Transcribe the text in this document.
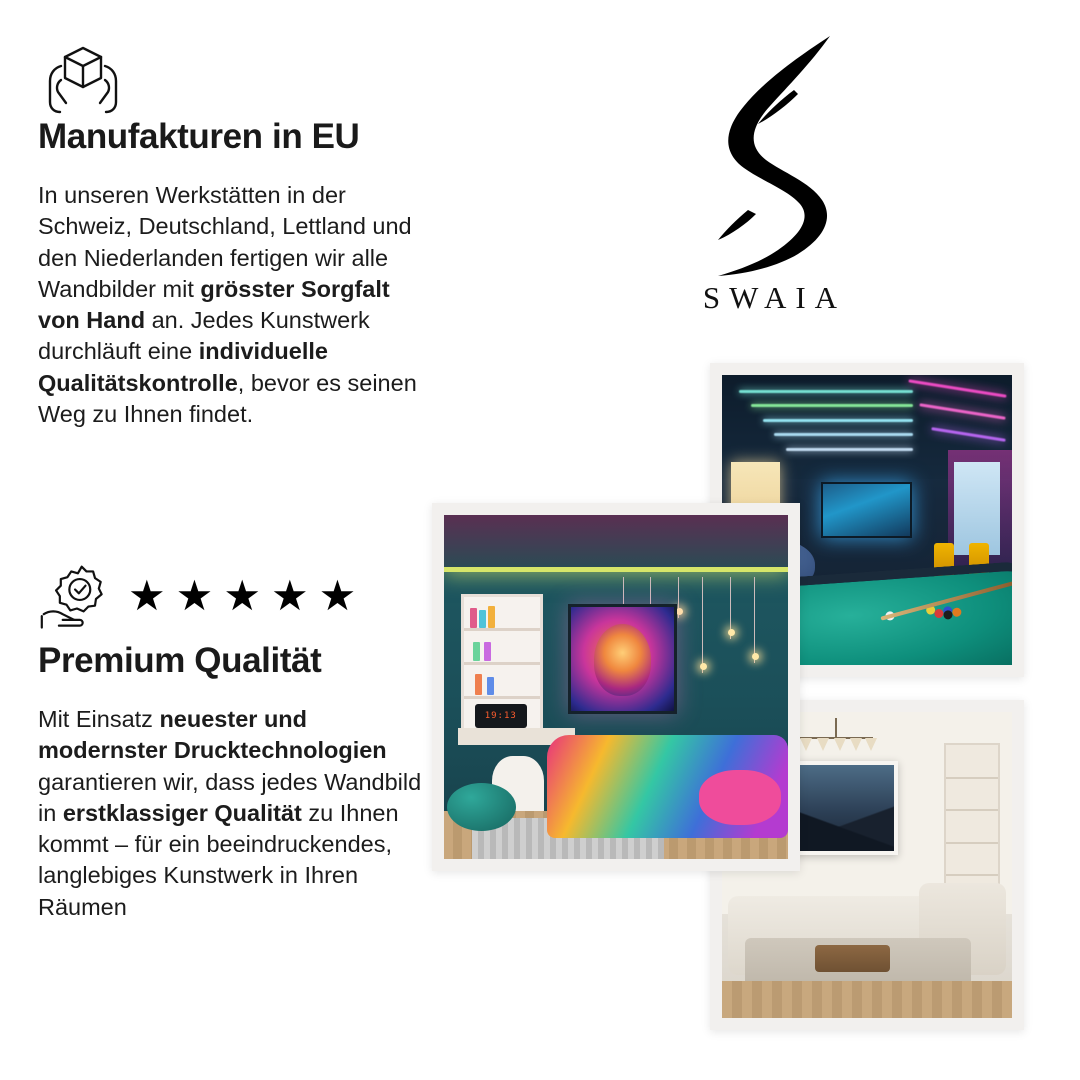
Manufakturen in EU

In unseren Werkstätten in der Schweiz, Deutschland, Lettland und den Niederlanden fertigen wir alle Wandbilder mit grösster Sorgfalt von Hand an. Jedes Kunstwerk durchläuft eine individuelle Qualitätskontrolle, bevor es seinen Weg zu Ihnen findet.

★ ★ ★ ★ ★
Premium Qualität

Mit Einsatz neuester und modernster Drucktechnologien garantieren wir, dass jedes Wandbild in erstklassiger Qualität zu Ihnen kommt – für ein beeindruckendes, langlebiges Kunstwerk in Ihren Räumen

SWAIA
19:13
